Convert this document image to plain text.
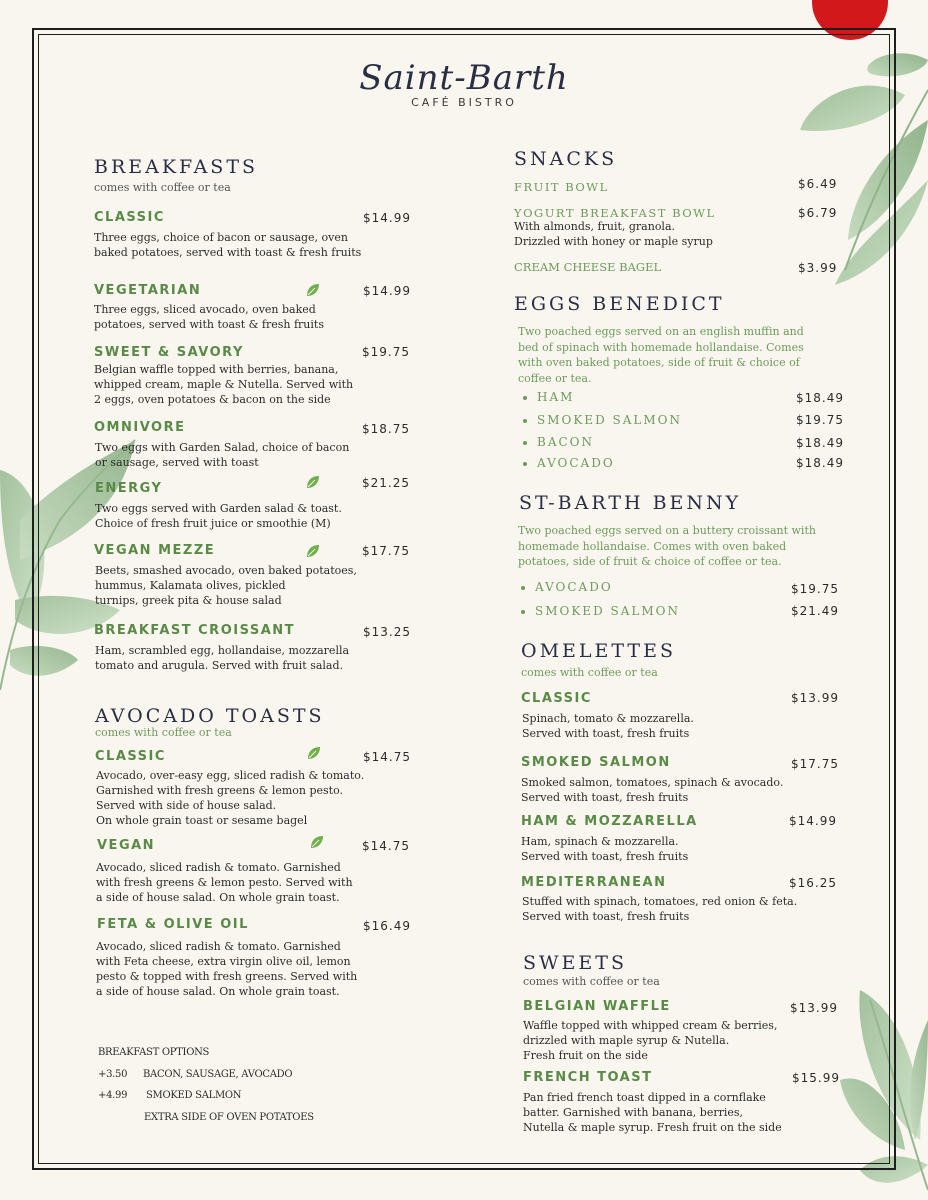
Saint-Barth
CAFÉ BISTRO
BREAKFASTS
comes with coffee or tea
CLASSIC	$14.99
Three eggs, choice of bacon or sausage, oven
baked potatoes, served with toast & fresh fruits
VEGETARIAN	$14.99
Three eggs, sliced avocado, oven baked
potatoes, served with toast & fresh fruits
SWEET & SAVORY	$19.75
Belgian waffle topped with berries, banana,
whipped cream, maple & Nutella. Served with
2 eggs, oven potatoes & bacon on the side
OMNIVORE	$18.75
Two eggs with Garden Salad, choice of bacon
or sausage, served with toast
ENERGY	$21.25
Two eggs served with Garden salad & toast.
Choice of fresh fruit juice or smoothie (M)
VEGAN MEZZE	$17.75
Beets, smashed avocado, oven baked potatoes,
hummus, Kalamata olives, pickled
turnips, greek pita & house salad
BREAKFAST CROISSANT	$13.25
Ham, scrambled egg, hollandaise, mozzarella
tomato and arugula. Served with fruit salad.
AVOCADO TOASTS
comes with coffee or tea
CLASSIC	$14.75
Avocado, over-easy egg, sliced radish & tomato.
Garnished with fresh greens & lemon pesto.
Served with side of house salad.
On whole grain toast or sesame bagel
VEGAN	$14.75
Avocado, sliced radish & tomato. Garnished
with fresh greens & lemon pesto. Served with
a side of house salad. On whole grain toast.
FETA & OLIVE OIL	$16.49
Avocado, sliced radish & tomato. Garnished
with Feta cheese, extra virgin olive oil, lemon
pesto & topped with fresh greens. Served with
a side of house salad. On whole grain toast.
BREAKFAST OPTIONS
+3.50 BACON, SAUSAGE, AVOCADO
+4.99 SMOKED SALMON
EXTRA SIDE OF OVEN POTATOES
SNACKS
FRUIT BOWL	$6.49
YOGURT BREAKFAST BOWL	$6.79
With almonds, fruit, granola.
Drizzled with honey or maple syrup
CREAM CHEESE BAGEL	$3.99
EGGS BENEDICT
Two poached eggs served on an english muffin and
bed of spinach with homemade hollandaise. Comes
with oven baked potatoes, side of fruit & choice of
coffee or tea.
HAM	$18.49
SMOKED SALMON	$19.75
BACON	$18.49
AVOCADO	$18.49
ST-BARTH BENNY
Two poached eggs served on a buttery croissant with
homemade hollandaise. Comes with oven baked
potatoes, side of fruit & choice of coffee or tea.
AVOCADO	$19.75
SMOKED SALMON	$21.49
OMELETTES
comes with coffee or tea
CLASSIC	$13.99
Spinach, tomato & mozzarella.
Served with toast, fresh fruits
SMOKED SALMON	$17.75
Smoked salmon, tomatoes, spinach & avocado.
Served with toast, fresh fruits
HAM & MOZZARELLA	$14.99
Ham, spinach & mozzarella.
Served with toast, fresh fruits
MEDITERRANEAN	$16.25
Stuffed with spinach, tomatoes, red onion & feta.
Served with toast, fresh fruits
SWEETS
comes with coffee or tea
BELGIAN WAFFLE	$13.99
Waffle topped with whipped cream & berries,
drizzled with maple syrup & Nutella.
Fresh fruit on the side
FRENCH TOAST	$15.99
Pan fried french toast dipped in a cornflake
batter. Garnished with banana, berries,
Nutella & maple syrup. Fresh fruit on the side
